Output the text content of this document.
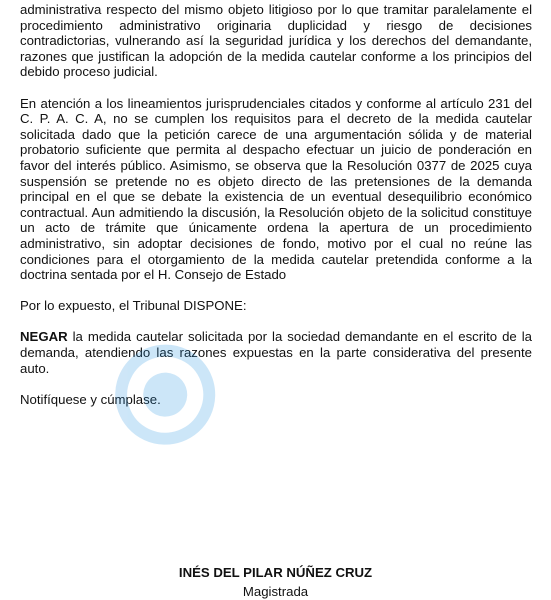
administrativa respecto del mismo objeto litigioso por lo que tramitar paralelamente el procedimiento administrativo originaria duplicidad y riesgo de decisiones contradictorias, vulnerando así la seguridad jurídica y los derechos del demandante, razones que justifican la adopción de la medida cautelar conforme a los principios del debido proceso judicial.

En atención a los lineamientos jurisprudenciales citados y conforme al artículo 231 del C. P. A. C. A, no se cumplen los requisitos para el decreto de la medida cautelar solicitada dado que la petición carece de una argumentación sólida y de material probatorio suficiente que permita al despacho efectuar un juicio de ponderación en favor del interés público. Asimismo, se observa que la Resolución 0377 de 2025 cuya suspensión se pretende no es objeto directo de las pretensiones de la demanda principal en el que se debate la existencia de un eventual desequilibrio económico contractual. Aun admitiendo la discusión, la Resolución objeto de la solicitud constituye un acto de trámite que únicamente ordena la apertura de un procedimiento administrativo, sin adoptar decisiones de fondo, motivo por el cual no reúne las condiciones para el otorgamiento de la medida cautelar pretendida conforme a la doctrina sentada por el H. Consejo de Estado

Por lo expuesto, el Tribunal DISPONE:

NEGAR la medida cautelar solicitada por la sociedad demandante en el escrito de la demanda, atendiendo las razones expuestas en la parte considerativa del presente auto.

Notifíquese y cúmplase.

INÉS DEL PILAR NÚÑEZ CRUZ
Magistrada
